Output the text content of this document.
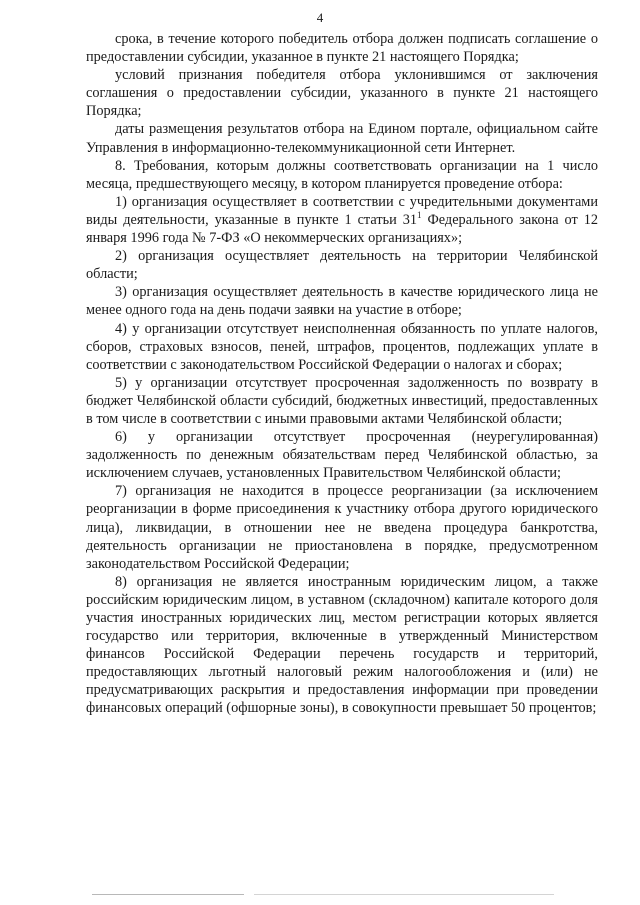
4

срока, в течение которого победитель отбора должен подписать соглашение о предоставлении субсидии, указанное в пункте 21 настоящего Порядка;

условий признания победителя отбора уклонившимся от заключения соглашения о предоставлении субсидии, указанного в пункте 21 настоящего Порядка;

даты размещения результатов отбора на Едином портале, официальном сайте Управления в информационно-телекоммуникационной сети Интернет.

8. Требования, которым должны соответствовать организации на 1 число месяца, предшествующего месяцу, в котором планируется проведение отбора:

1) организация осуществляет в соответствии с учредительными документами виды деятельности, указанные в пункте 1 статьи $31^1$ Федерального закона от 12 января 1996 года № 7-ФЗ «О некоммерческих организациях»;

2) организация осуществляет деятельность на территории Челябинской области;

3) организация осуществляет деятельность в качестве юридического лица не менее одного года на день подачи заявки на участие в отборе;

4) у организации отсутствует неисполненная обязанность по уплате налогов, сборов, страховых взносов, пеней, штрафов, процентов, подлежащих уплате в соответствии с законодательством Российской Федерации о налогах и сборах;

5) у организации отсутствует просроченная задолженность по возврату в бюджет Челябинской области субсидий, бюджетных инвестиций, предоставленных в том числе в соответствии с иными правовыми актами Челябинской области;

6) у организации отсутствует просроченная (неурегулированная) задолженность по денежным обязательствам перед Челябинской областью, за исключением случаев, установленных Правительством Челябинской области;

7) организация не находится в процессе реорганизации (за исключением реорганизации в форме присоединения к участнику отбора другого юридического лица), ликвидации, в отношении нее не введена процедура банкротства, деятельность организации не приостановлена в порядке, предусмотренном законодательством Российской Федерации;

8) организация не является иностранным юридическим лицом, а также российским юридическим лицом, в уставном (складочном) капитале которого доля участия иностранных юридических лиц, местом регистрации которых является государство или территория, включенные в утвержденный Министерством финансов Российской Федерации перечень государств и территорий, предоставляющих льготный налоговый режим налогообложения и (или) не предусматривающих раскрытия и предоставления информации при проведении финансовых операций (офшорные зоны), в совокупности превышает 50 процентов;
